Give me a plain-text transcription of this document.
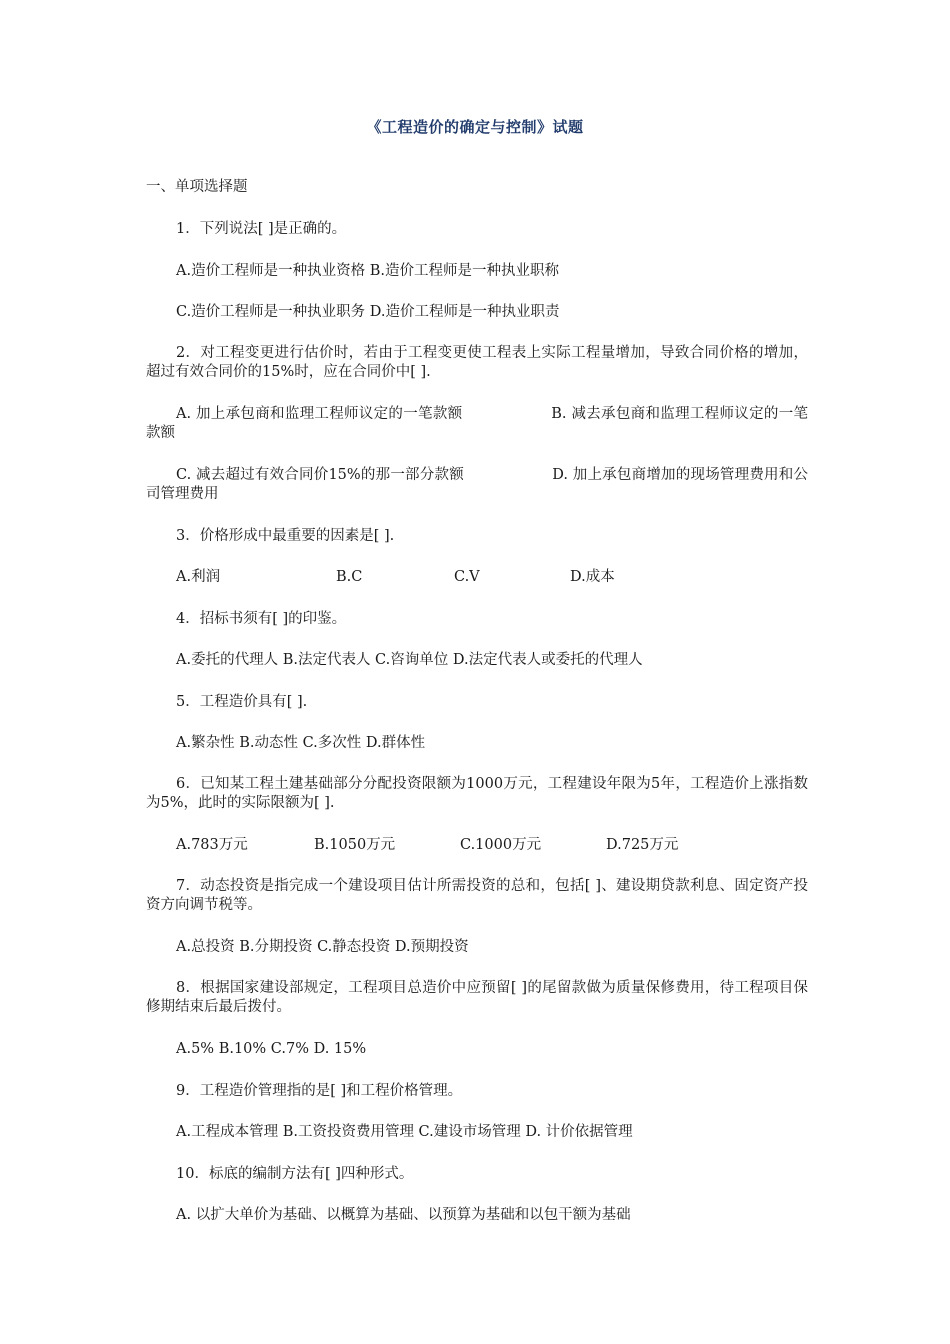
《工程造价的确定与控制》试题
一、单项选择题
1．下列说法[ ]是正确的。
A.造价工程师是一种执业资格 B.造价工程师是一种执业职称
C.造价工程师是一种执业职务 D.造价工程师是一种执业职责
2．对工程变更进行估价时，若由于工程变更使工程表上实际工程量增加，导致合同价格的增加，超过有效合同价的15%时，应在合同价中[ ].
A. 加上承包商和监理工程师议定的一笔款额　　　　　　B. 减去承包商和监理工程师议定的一笔款额
C. 减去超过有效合同价15%的那一部分款额　　　　　　D. 加上承包商增加的现场管理费用和公司管理费用
3．价格形成中最重要的因素是[ ].
A.利润	B.C	C.V	D.成本
4．招标书须有[ ]的印鉴。
A.委托的代理人 B.法定代表人 C.咨询单位 D.法定代表人或委托的代理人
5．工程造价具有[ ].
A.繁杂性 B.动态性 C.多次性 D.群体性
6．已知某工程土建基础部分分配投资限额为1000万元，工程建设年限为5年，工程造价上涨指数为5%，此时的实际限额为[ ].
A.783万元	B.1050万元	C.1000万元	D.725万元
7．动态投资是指完成一个建设项目估计所需投资的总和，包括[ ]、建设期贷款利息、固定资产投资方向调节税等。
A.总投资 B.分期投资 C.静态投资 D.预期投资
8．根据国家建设部规定，工程项目总造价中应预留[ ]的尾留款做为质量保修费用，待工程项目保修期结束后最后拨付。
A.5% B.10% C.7% D. 15%
9．工程造价管理指的是[ ]和工程价格管理。
A.工程成本管理 B.工资投资费用管理 C.建设市场管理 D. 计价依据管理
10．标底的编制方法有[ ]四种形式。
A. 以扩大单价为基础、以概算为基础、以预算为基础和以包干额为基础
